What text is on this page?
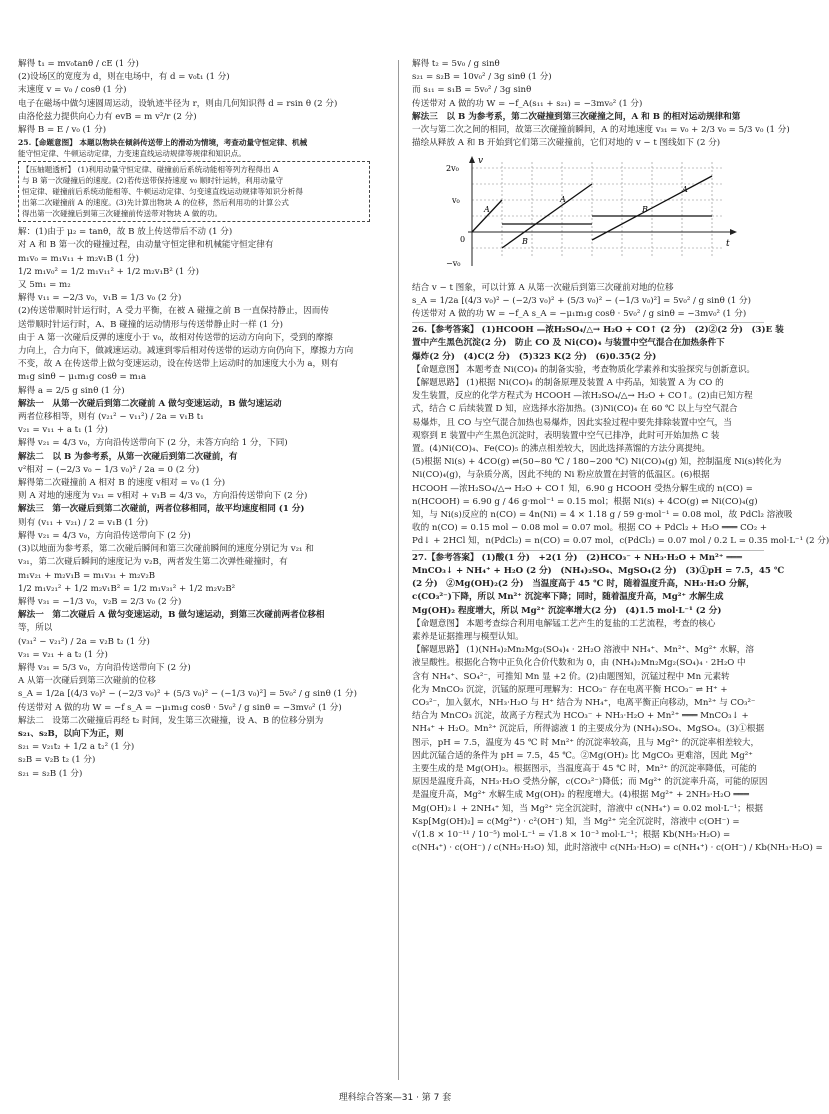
解得 t₁ = mv₀tanθ / cE (1 分)
(2)设场区的宽度为 d，则在电场中，有 d = v₀t₁ (1 分)
末速度 v = v₀ / cosθ (1 分)
电子在磁场中做匀速圆周运动，设轨迹半径为 r，则由几何知识得 d = rsin θ (2 分)
由洛伦兹力提供向心力有 evB = m v²/r (2 分)
解得 B = E / v₀ (1 分)
25.【命题意图】 本题以物块在倾斜传送带上的滑动为情境，考查动量守恒定律、机械
能守恒定律、牛顿运动定律，力变速直线运动规律等规律和知识点。
【压轴题透析】 (1)利用动量守恒定律、碰撞前后系统动能相等列方程得出 A
与 B 第一次碰撞后的速度。(2)若传送带保持速度 v₀ 顺时针运转，利用动量守
恒定律、碰撞前后系统动能相等、牛顿运动定律、匀变速直线运动规律等知识分析得
出第二次碰撞前 A 的速度。(3)先计算出物块 A 的位移，然后利用功的计算公式
得出第一次碰撞后到第三次碰撞前传送带对物块 A 做的功。
解：(1)由于 μ₂ = tanθ，故 B 放上传送带后不动 (1 分)
对 A 和 B 第一次的碰撞过程，由动量守恒定律和机械能守恒定律有
m₁v₀ = m₁v₁₁ + m₂v₁B (1 分)
1/2 m₁v₀² = 1/2 m₁v₁₁² + 1/2 m₂v₁B² (1 分)
又 5m₁ = m₂
解得 v₁₁ = −2/3 v₀，v₁B = 1/3 v₀ (2 分)
(2)传送带顺时针运行时，A 受力平衡，在被 A 碰撞之前 B 一直保持静止，因而传
送带顺时针运行时，A、B 碰撞的运动情形与传送带静止时一样 (1 分)
由于 A 第一次碰后反弹的速度小于 v₀，故相对传送带的运动方向向下，受到的摩擦
力向上，合力向下，做减速运动。减速到零后相对传送带的运动方向仍向下，摩擦力方向
不变，故 A 在传送带上做匀变速运动，设在传送带上运动时的加速度大小为 a，则有
m₁g sinθ − μ₁m₁g cosθ = m₁a
解得 a = 2/5 g sinθ (1 分)
解法一　从第一次碰后到第二次碰前 A 做匀变速运动，B 做匀速运动
两者位移相等，则有 (v₂₁² − v₁₁²) / 2a = v₁B t₁
v₂₁ = v₁₁ + a t₁ (1 分)
解得 v₂₁ = 4/3 v₀，方向沿传送带向下 (2 分，未答方向给 1 分，下同)
解法二　以 B 为参考系，从第一次碰后到第二次碰前，有
v²相对 − (−2/3 v₀ − 1/3 v₀)² / 2a = 0 (2 分)
解得第二次碰撞前 A 相对 B 的速度 v相对 = v₀ (1 分)
则 A 对地的速度为 v₂₁ = v相对 + v₁B = 4/3 v₀，方向沿传送带向下 (2 分)
解法三　第一次碰后到第二次碰前，两者位移相同，故平均速度相同 (1 分)
则有 (v₁₁ + v₂₁) / 2 = v₁B (1 分)
解得 v₂₁ = 4/3 v₀，方向沿传送带向下 (2 分)
(3)以地面为参考系，第二次碰后瞬间和第三次碰前瞬间的速度分别记为 v₂₁ 和
v₃₁，第二次碰后瞬间的速度记为 v₂B，两者发生第二次弹性碰撞时，有
m₁v₂₁ + m₂v₁B = m₁v₃₁ + m₂v₂B
1/2 m₁v₂₁² + 1/2 m₂v₁B² = 1/2 m₁v₃₁² + 1/2 m₂v₂B²
解得 v₃₁ = −1/3 v₀，v₂B = 2/3 v₀ (2 分)
解法一　第二次碰后 A 做匀变速运动，B 做匀速运动，到第三次碰前两者位移相
等，所以
(v₃₁² − v₂₁²) / 2a = v₂B t₂ (1 分)
v₃₁ = v₂₁ + a t₂ (1 分)
解得 v₃₁ = 5/3 v₀，方向沿传送带向下 (2 分)
A 从第一次碰后到第三次碰前的位移
s_A = 1/2a [(4/3 v₀)² − (−2/3 v₀)² + (5/3 v₀)² − (−1/3 v₀)²] = 5v₀² / g sinθ (1 分)
传送带对 A 做的功 W = −f s_A = −μ₁m₁g cosθ · 5v₀² / g sinθ = −3mv₀² (1 分)
解法二　设第二次碰撞后再经 t₂ 时间，发生第三次碰撞，设 A、B 的位移分别为
s₂₁、s₂B，以向下为正，则
s₂₁ = v₂₁t₂ + 1/2 a t₂² (1 分)
s₂B = v₂B t₂ (1 分)
s₂₁ = s₂B (1 分)
解得 t₂ = 5v₀ / g sinθ
s₂₁ = s₂B = 10v₀² / 3g sinθ (1 分)
而 s₁₁ = s₁B = 5v₀² / 3g sinθ
传送带对 A 做的功 W = −f_A(s₁₁ + s₂₁) = −3mv₀² (1 分)
解法三　以 B 为参考系，第二次碰撞到第三次碰撞之间，A 和 B 的相对运动规律和第
一次与第二次之间的相同，故第三次碰撞前瞬间，A 的对地速度 v₃₁ = v₀ + 2/3 v₀ = 5/3 v₀ (1 分)
描绘从释放 A 和 B 开始到它们第三次碰撞前，它们对地的 v − t 图线如下 (2 分)
v
t
2v₀
v₀
0
−v₀
A
B
A
B
A
结合 v − t 图象，可以计算 A 从第一次碰后到第三次碰前对地的位移
s_A = 1/2a [(4/3 v₀)² − (−2/3 v₀)² + (5/3 v₀)² − (−1/3 v₀)²] = 5v₀² / g sinθ (1 分)
传送带对 A 做的功 W = −f_A s_A = −μ₁m₁g cosθ · 5v₀² / g sinθ = −3mv₀² (1 分)
26.【参考答案】 (1)HCOOH —浓H₂SO₄/△→ H₂O + CO↑ (2 分)　(2)②(2 分)　(3)E 装
置中产生黑色沉淀(2 分)　防止 CO 及 Ni(CO)₄ 与装置中空气混合在加热条件下
爆炸(2 分)　(4)C(2 分)　(5)323 K(2 分)　(6)0.35(2 分)
【命题意图】 本题考查 Ni(CO)₄ 的制备实验，考查物质化学素养和实验探究与创新意识。
【解题思路】 (1)根据 Ni(CO)₄ 的制备原理及装置 A 中药品，知装置 A 为 CO 的
发生装置，反应的化学方程式为 HCOOH —浓H₂SO₄/△→ H₂O + CO↑。(2)由已知方程
式，结合 C 后续装置 D 知，应选择水浴加热。(3)Ni(CO)₄ 在 60 ℃ 以上与空气混合
易爆炸，且 CO 与空气混合加热也易爆炸，因此实验过程中要先排除装置中空气，当
观察到 E 装置中产生黑色沉淀时，表明装置中空气已排净，此时可开始加热 C 装
置。(4)Ni(CO)₄、Fe(CO)₅ 的沸点相差较大，因此选择蒸馏的方法分离提纯。
(5)根据 Ni(s) + 4CO(g) ⇌(50~80 ℃ / 180~200 ℃) Ni(CO)₄(g) 知，控制温度 Ni(s)转化为
Ni(CO)₄(g)，与杂质分离，因此不纯的 Ni 粉应放置在封管的低温区。(6)根据
HCOOH —浓H₂SO₄/△→ H₂O + CO↑ 知，6.90 g HCOOH 受热分解生成的 n(CO) =
n(HCOOH) = 6.90 g / 46 g·mol⁻¹ = 0.15 mol；根据 Ni(s) + 4CO(g) ⇌ Ni(CO)₄(g)
知，与 Ni(s)反应的 n(CO) = 4n(Ni) = 4 × 1.18 g / 59 g·mol⁻¹ = 0.08 mol，故 PdCl₂ 溶液吸
收的 n(CO) = 0.15 mol − 0.08 mol = 0.07 mol。根据 CO + PdCl₂ + H₂O ═══ CO₂ +
Pd↓ + 2HCl 知，n(PdCl₂) = n(CO) = 0.07 mol，c(PdCl₂) = 0.07 mol / 0.2 L = 0.35 mol·L⁻¹ (2 分)
27.【参考答案】 (1)酸(1 分)　+2(1 分)　(2)HCO₃⁻ + NH₃·H₂O + Mn²⁺ ═══
MnCO₃↓ + NH₄⁺ + H₂O (2 分)　(NH₄)₂SO₄、MgSO₄(2 分)　(3)①pH = 7.5，45 ℃
(2 分)　②Mg(OH)₂(2 分)　当温度高于 45 ℃ 时，随着温度升高，NH₃·H₂O 分解，
c(CO₃²⁻)下降，所以 Mn²⁺ 沉淀率下降；同时，随着温度升高，Mg²⁺ 水解生成
Mg(OH)₂ 程度增大，所以 Mg²⁺ 沉淀率增大(2 分)　(4)1.5 mol·L⁻¹ (2 分)
【命题意图】 本题考查综合利用电解锰工艺产生的复盐的工艺流程，考查的核心
素养是证据推理与模型认知。
【解题思路】 (1)(NH₄)₂Mn₂Mg₂(SO₄)₄ · 2H₂O 溶液中 NH₄⁺、Mn²⁺、Mg²⁺ 水解，溶
液呈酸性。根据化合物中正负化合价代数和为 0，由 (NH₄)₂Mn₂Mg₂(SO₄)₄ · 2H₂O 中
含有 NH₄⁺、SO₄²⁻，可推知 Mn 显 +2 价。(2)由题图知，沉锰过程中 Mn 元素转
化为 MnCO₃ 沉淀，沉锰的原理可理解为：HCO₃⁻ 存在电离平衡 HCO₃⁻ ⇌ H⁺ +
CO₃²⁻，加入氨水，NH₃·H₂O 与 H⁺ 结合为 NH₄⁺，电离平衡正向移动，Mn²⁺ 与 CO₃²⁻
结合为 MnCO₃ 沉淀，故离子方程式为 HCO₃⁻ + NH₃·H₂O + Mn²⁺ ═══ MnCO₃↓ +
NH₄⁺ + H₂O。Mn²⁺ 沉淀后，所得滤液 1 的主要成分为 (NH₄)₂SO₄、MgSO₄。(3)①根据
图示，pH = 7.5，温度为 45 ℃ 时 Mn²⁺ 的沉淀率较高，且与 Mg²⁺ 的沉淀率相差较大，
因此沉锰合适的条件为 pH = 7.5，45 ℃。②Mg(OH)₂ 比 MgCO₃ 更难溶，因此 Mg²⁺
主要生成的是 Mg(OH)₂。根据图示，当温度高于 45 ℃ 时，Mn²⁺ 的沉淀率降低，可能的
原因是温度升高，NH₃·H₂O 受热分解，c(CO₃²⁻)降低；而 Mg²⁺ 的沉淀率升高，可能的原因
是温度升高，Mg²⁺ 水解生成 Mg(OH)₂ 的程度增大。(4)根据 Mg²⁺ + 2NH₃·H₂O ═══
Mg(OH)₂↓ + 2NH₄⁺ 知，当 Mg²⁺ 完全沉淀时，溶液中 c(NH₄⁺) = 0.02 mol·L⁻¹；根据
Ksp[Mg(OH)₂] = c(Mg²⁺) · c²(OH⁻) 知，当 Mg²⁺ 完全沉淀时，溶液中 c(OH⁻) =
√(1.8 × 10⁻¹¹ / 10⁻⁵) mol·L⁻¹ = √1.8 × 10⁻³ mol·L⁻¹；根据 Kb(NH₃·H₂O) =
c(NH₄⁺) · c(OH⁻) / c(NH₃·H₂O) 知，此时溶液中 c(NH₃·H₂O) = c(NH₄⁺) · c(OH⁻) / Kb(NH₃·H₂O) =
理科综合答案—31 · 第 7 套
